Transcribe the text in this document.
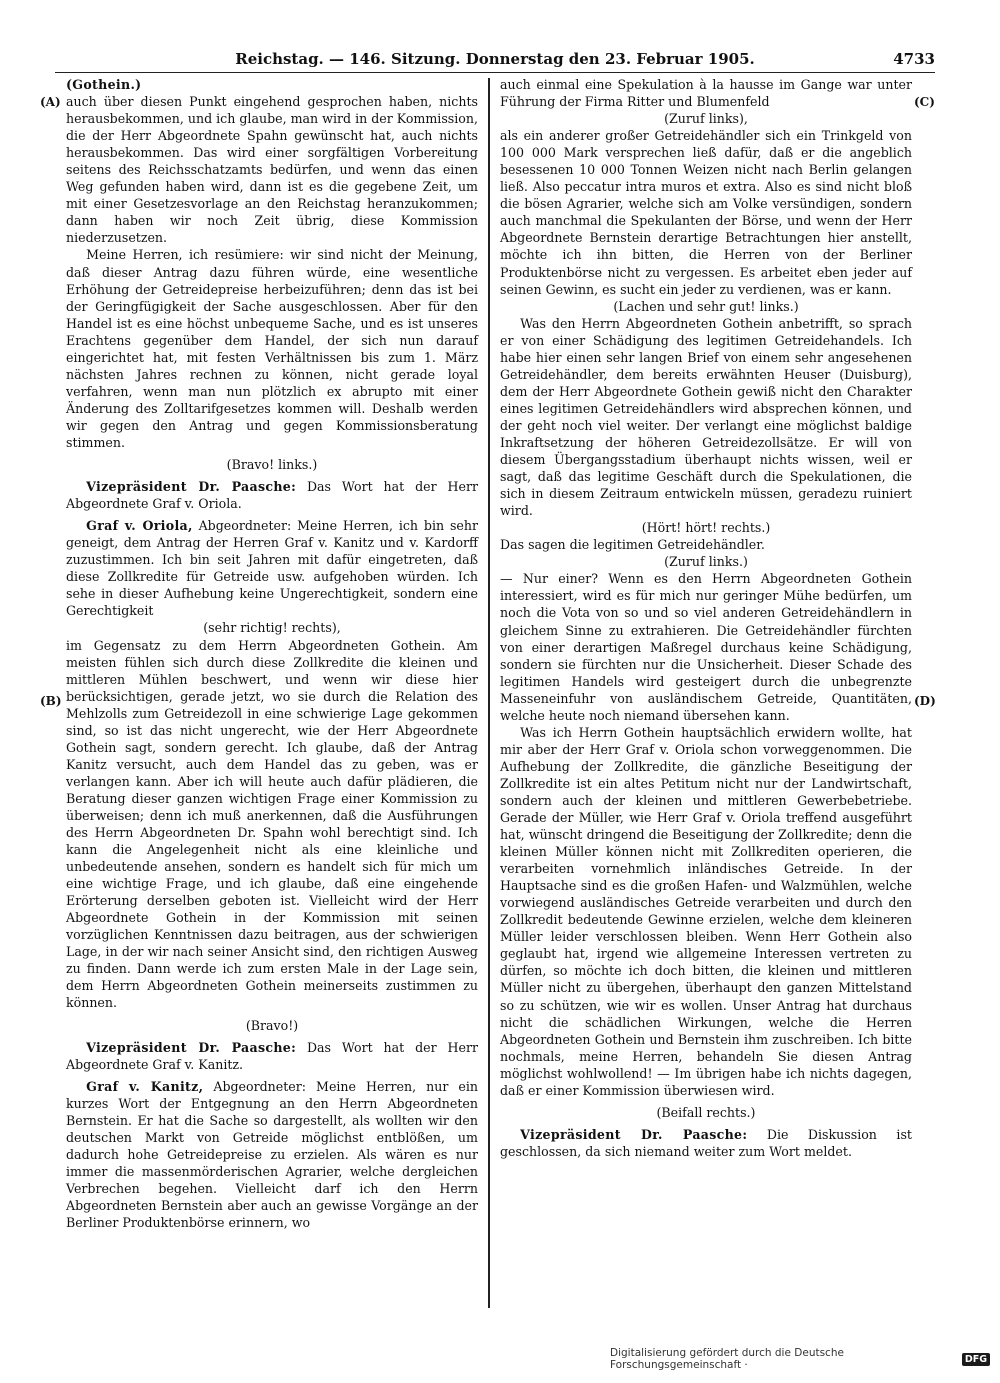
Reichstag. — 146. Sitzung. Donnerstag den 23. Februar 1905.	4733
(A)
(B)
(C)
(D)

(Gothein.)

auch über diesen Punkt eingehend gesprochen haben, nichts herausbekommen, und ich glaube, man wird in der Kommission, die der Herr Abgeordnete Spahn gewünscht hat, auch nichts herausbekommen. Das wird einer sorgfältigen Vorbereitung seitens des Reichsschatzamts bedürfen, und wenn das einen Weg gefunden haben wird, dann ist es die gegebene Zeit, um mit einer Gesetzesvorlage an den Reichstag heranzukommen; dann haben wir noch Zeit übrig, diese Kommission niederzusetzen.

Meine Herren, ich resümiere: wir sind nicht der Meinung, daß dieser Antrag dazu führen würde, eine wesentliche Erhöhung der Getreidepreise herbeizuführen; denn das ist bei der Geringfügigkeit der Sache ausgeschlossen. Aber für den Handel ist es eine höchst unbequeme Sache, und es ist unseres Erachtens gegenüber dem Handel, der sich nun darauf eingerichtet hat, mit festen Verhältnissen bis zum 1. März nächsten Jahres rechnen zu können, nicht gerade loyal verfahren, wenn man nun plötzlich ex abrupto mit einer Änderung des Zolltarifgesetzes kommen will. Deshalb werden wir gegen den Antrag und gegen Kommissionsberatung stimmen.

(Bravo! links.)

Vizepräsident Dr. Paasche: Das Wort hat der Herr Abgeordnete Graf v. Oriola.

Graf v. Oriola, Abgeordneter: Meine Herren, ich bin sehr geneigt, dem Antrag der Herren Graf v. Kanitz und v. Kardorff zuzustimmen. Ich bin seit Jahren mit dafür eingetreten, daß diese Zollkredite für Getreide usw. aufgehoben würden. Ich sehe in dieser Aufhebung keine Ungerechtigkeit, sondern eine Gerechtigkeit

(sehr richtig! rechts),

im Gegensatz zu dem Herrn Abgeordneten Gothein. Am meisten fühlen sich durch diese Zollkredite die kleinen und mittleren Mühlen beschwert, und wenn wir diese hier berücksichtigen, gerade jetzt, wo sie durch die Relation des Mehlzolls zum Getreidezoll in eine schwierige Lage gekommen sind, so ist das nicht ungerecht, wie der Herr Abgeordnete Gothein sagt, sondern gerecht. Ich glaube, daß der Antrag Kanitz versucht, auch dem Handel das zu geben, was er verlangen kann. Aber ich will heute auch dafür plädieren, die Beratung dieser ganzen wichtigen Frage einer Kommission zu überweisen; denn ich muß anerkennen, daß die Ausführungen des Herrn Abgeordneten Dr. Spahn wohl berechtigt sind. Ich kann die Angelegenheit nicht als eine kleinliche und unbedeutende ansehen, sondern es handelt sich für mich um eine wichtige Frage, und ich glaube, daß eine eingehende Erörterung derselben geboten ist. Vielleicht wird der Herr Abgeordnete Gothein in der Kommission mit seinen vorzüglichen Kenntnissen dazu beitragen, aus der schwierigen Lage, in der wir nach seiner Ansicht sind, den richtigen Ausweg zu finden. Dann werde ich zum ersten Male in der Lage sein, dem Herrn Abgeordneten Gothein meinerseits zustimmen zu können.

(Bravo!)

Vizepräsident Dr. Paasche: Das Wort hat der Herr Abgeordnete Graf v. Kanitz.

Graf v. Kanitz, Abgeordneter: Meine Herren, nur ein kurzes Wort der Entgegnung an den Herrn Abgeordneten Bernstein. Er hat die Sache so dargestellt, als wollten wir den deutschen Markt von Getreide möglichst entblößen, um dadurch hohe Getreidepreise zu erzielen. Als wären es nur immer die massenmörderischen Agrarier, welche dergleichen Verbrechen begehen. Vielleicht darf ich den Herrn Abgeordneten Bernstein aber auch an gewisse Vorgänge an der Berliner Produktenbörse erinnern, wo

auch einmal eine Spekulation à la hausse im Gange war unter Führung der Firma Ritter und Blumenfeld

(Zuruf links),

als ein anderer großer Getreidehändler sich ein Trinkgeld von 100 000 Mark versprechen ließ dafür, daß er die angeblich besessenen 10 000 Tonnen Weizen nicht nach Berlin gelangen ließ. Also peccatur intra muros et extra. Also es sind nicht bloß die bösen Agrarier, welche sich am Volke versündigen, sondern auch manchmal die Spekulanten der Börse, und wenn der Herr Abgeordnete Bernstein derartige Betrachtungen hier anstellt, möchte ich ihn bitten, die Herren von der Berliner Produktenbörse nicht zu vergessen. Es arbeitet eben jeder auf seinen Gewinn, es sucht ein jeder zu verdienen, was er kann.

(Lachen und sehr gut! links.)

Was den Herrn Abgeordneten Gothein anbetrifft, so sprach er von einer Schädigung des legitimen Getreidehandels. Ich habe hier einen sehr langen Brief von einem sehr angesehenen Getreidehändler, dem bereits erwähnten Heuser (Duisburg), dem der Herr Abgeordnete Gothein gewiß nicht den Charakter eines legitimen Getreidehändlers wird absprechen können, und der geht noch viel weiter. Der verlangt eine möglichst baldige Inkraftsetzung der höheren Getreidezollsätze. Er will von diesem Übergangsstadium überhaupt nichts wissen, weil er sagt, daß das legitime Geschäft durch die Spekulationen, die sich in diesem Zeitraum entwickeln müssen, geradezu ruiniert wird.

(Hört! hört! rechts.)

Das sagen die legitimen Getreidehändler.

(Zuruf links.)

— Nur einer? Wenn es den Herrn Abgeordneten Gothein interessiert, wird es für mich nur geringer Mühe bedürfen, um noch die Vota von so und so viel anderen Getreidehändlern in gleichem Sinne zu extrahieren. Die Getreidehändler fürchten von einer derartigen Maßregel durchaus keine Schädigung, sondern sie fürchten nur die Unsicherheit. Dieser Schade des legitimen Handels wird gesteigert durch die unbegrenzte Masseneinfuhr von ausländischem Getreide, Quantitäten, welche heute noch niemand übersehen kann.

Was ich Herrn Gothein hauptsächlich erwidern wollte, hat mir aber der Herr Graf v. Oriola schon vorweggenommen. Die Aufhebung der Zollkredite, die gänzliche Beseitigung der Zollkredite ist ein altes Petitum nicht nur der Landwirtschaft, sondern auch der kleinen und mittleren Gewerbebetriebe. Gerade der Müller, wie Herr Graf v. Oriola treffend ausgeführt hat, wünscht dringend die Beseitigung der Zollkredite; denn die kleinen Müller können nicht mit Zollkrediten operieren, die verarbeiten vornehmlich inländisches Getreide. In der Hauptsache sind es die großen Hafen- und Walzmühlen, welche vorwiegend ausländisches Getreide verarbeiten und durch den Zollkredit bedeutende Gewinne erzielen, welche dem kleineren Müller leider verschlossen bleiben. Wenn Herr Gothein also geglaubt hat, irgend wie allgemeine Interessen vertreten zu dürfen, so möchte ich doch bitten, die kleinen und mittleren Müller nicht zu übergehen, überhaupt den ganzen Mittelstand so zu schützen, wie wir es wollen. Unser Antrag hat durchaus nicht die schädlichen Wirkungen, welche die Herren Abgeordneten Gothein und Bernstein ihm zuschreiben. Ich bitte nochmals, meine Herren, behandeln Sie diesen Antrag möglichst wohlwollend! — Im übrigen habe ich nichts dagegen, daß er einer Kommission überwiesen wird.

(Beifall rechts.)

Vizepräsident Dr. Paasche: Die Diskussion ist geschlossen, da sich niemand weiter zum Wort meldet.

Digitalisierung gefördert durch die Deutsche Forschungsgemeinschaft ·	DFG
